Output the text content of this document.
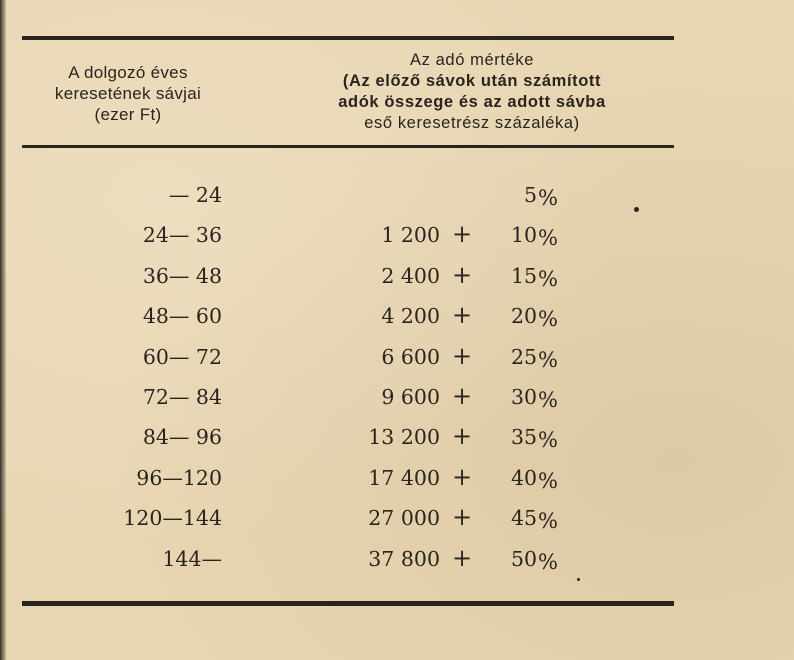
A dolgozó éves
keresetének sávjai
(ezer Ft)
Az adó mértéke
(Az előző sávok után számított
adók összege és az adott sávba
eső keresetrész százaléka)
— 24	5%
24— 36	1 200 + 10%
36— 48	2 400 + 15%
48— 60	4 200 + 20%
60— 72	6 600 + 25%
72— 84	9 600 + 30%
84— 96	13 200 + 35%
96—120	17 400 + 40%
120—144	27 000 + 45%
144—	37 800 + 50%
